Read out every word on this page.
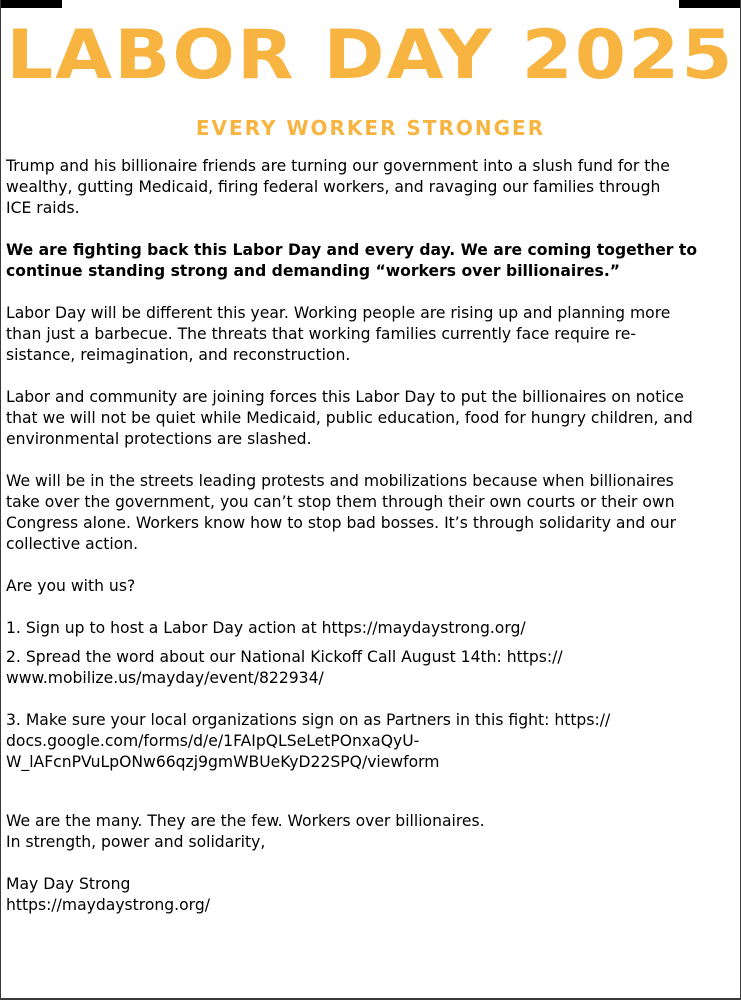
LABOR DAY 2025
EVERY WORKER STRONGER

Trump and his billionaire friends are turning our government into a slush fund for the
wealthy, gutting Medicaid, firing federal workers, and ravaging our families through
ICE raids.

We are fighting back this Labor Day and every day. We are coming together to
continue standing strong and demanding “workers over billionaires.”

Labor Day will be different this year. Working people are rising up and planning more
than just a barbecue. The threats that working families currently face require re-
sistance, reimagination, and reconstruction.

Labor and community are joining forces this Labor Day to put the billionaires on notice
that we will not be quiet while Medicaid, public education, food for hungry children, and
environmental protections are slashed.

We will be in the streets leading protests and mobilizations because when billionaires
take over the government, you can’t stop them through their own courts or their own
Congress alone. Workers know how to stop bad bosses. It’s through solidarity and our
collective action.

Are you with us?

1. Sign up to host a Labor Day action at https://maydaystrong.org/

2. Spread the word about our National Kickoff Call August 14th: https://
www.mobilize.us/mayday/event/822934/

3. Make sure your local organizations sign on as Partners in this fight: https://
docs.google.com/forms/d/e/1FAIpQLSeLetPOnxaQyU-
W_lAFcnPVuLpONw66qzj9gmWBUeKyD22SPQ/viewform

We are the many. They are the few. Workers over billionaires.
In strength, power and solidarity,

May Day Strong
https://maydaystrong.org/
